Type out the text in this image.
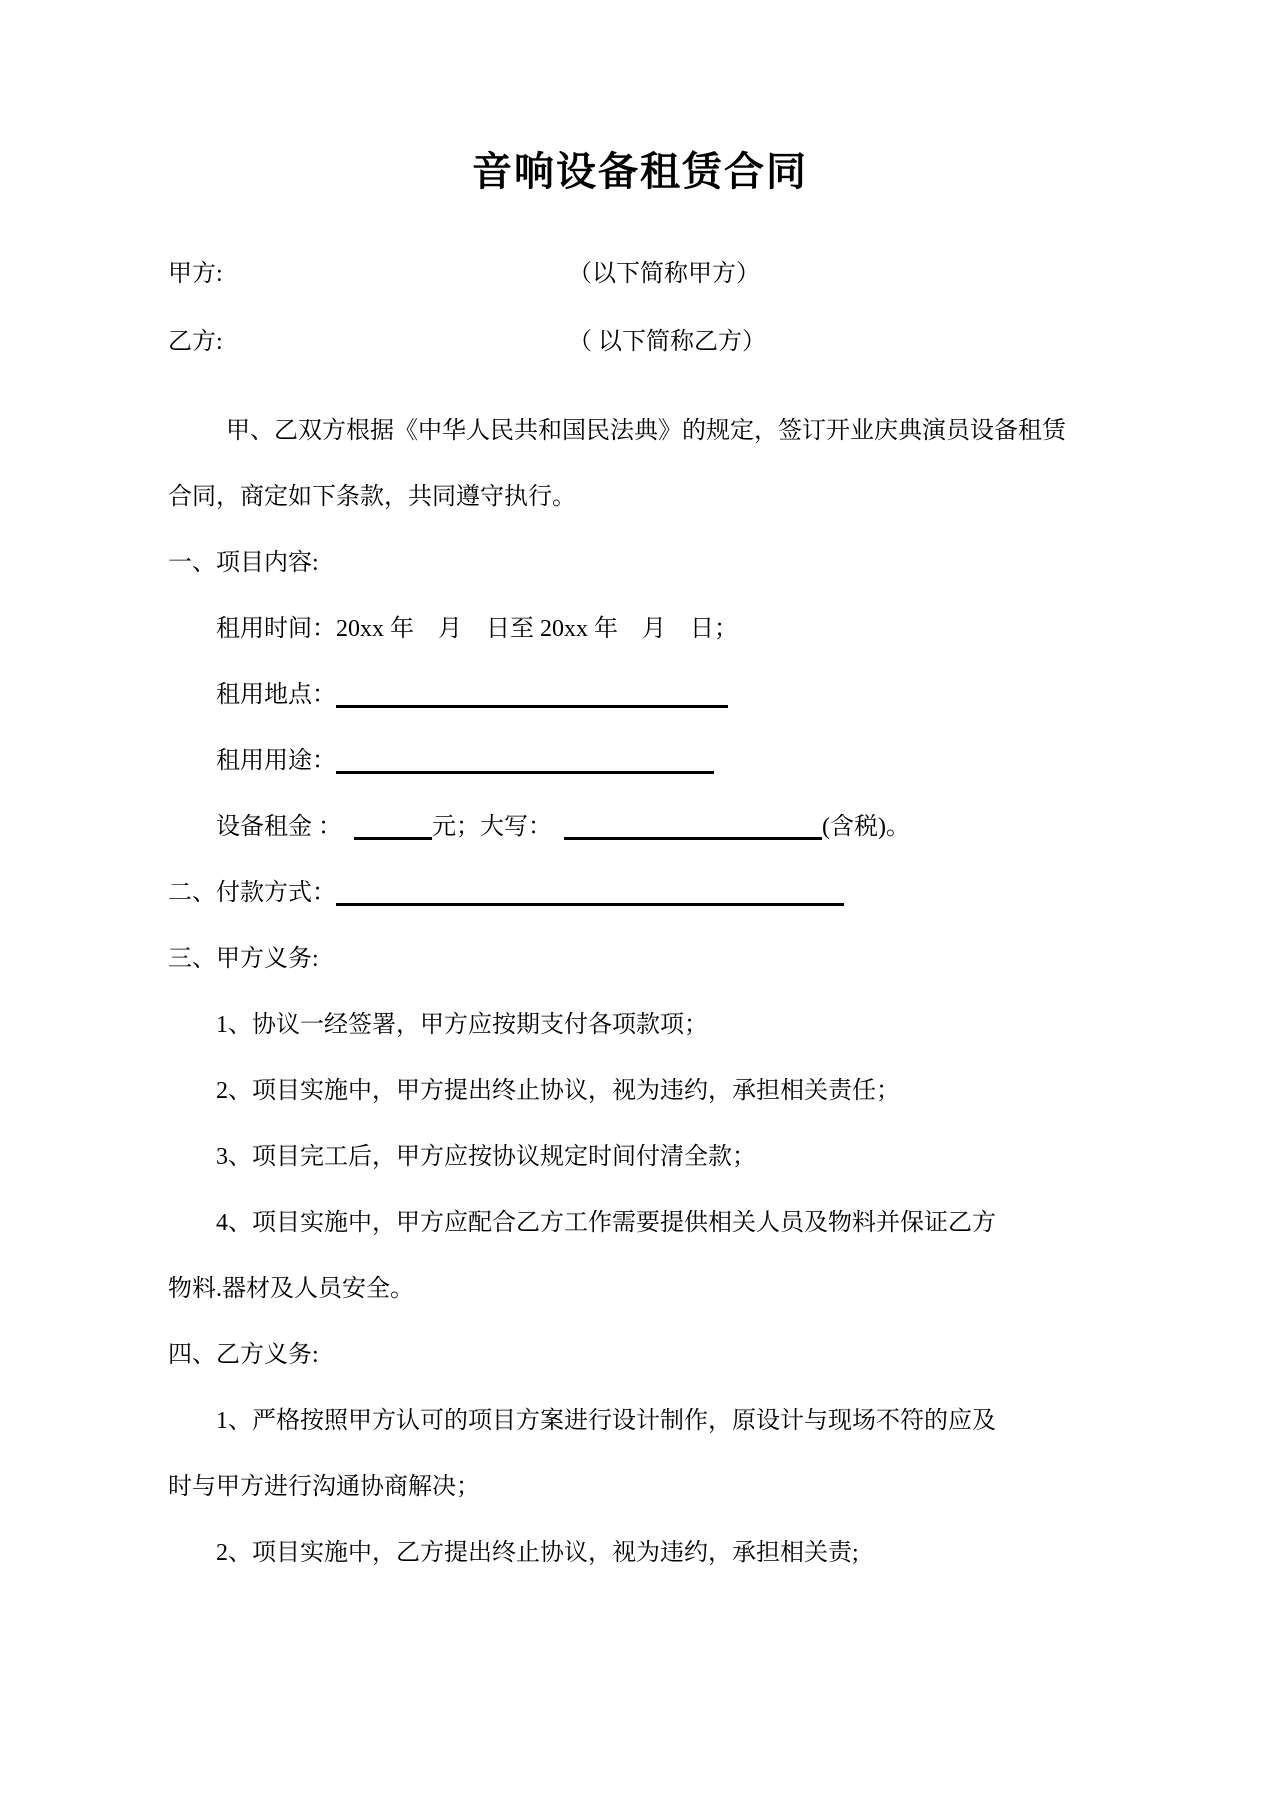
音响设备租赁合同
甲方:	（以下简称甲方）
乙方:	（ 以下简称乙方）

甲、乙双方根据《中华人民共和国民法典》的规定，签订开业庆典演员设备租赁

合同，商定如下条款，共同遵守执行。

一、项目内容:

租用时间： 20xx 年　月　日至 20xx 年　月　日；

租用地点：

租用用途：

设备租金 ：	元；大写：	(含税)。

二、付款方式：

三、甲方义务:

1、协议一经签署，甲方应按期支付各项款项；

2、项目实施中，甲方提出终止协议，视为违约，承担相关责任；

3、项目完工后，甲方应按协议规定时间付清全款；

4、项目实施中，甲方应配合乙方工作需要提供相关人员及物料并保证乙方

物料.器材及人员安全。

四、乙方义务:

1、严格按照甲方认可的项目方案进行设计制作，原设计与现场不符的应及

时与甲方进行沟通协商解决；

2、项目实施中，乙方提出终止协议，视为违约，承担相关责;
